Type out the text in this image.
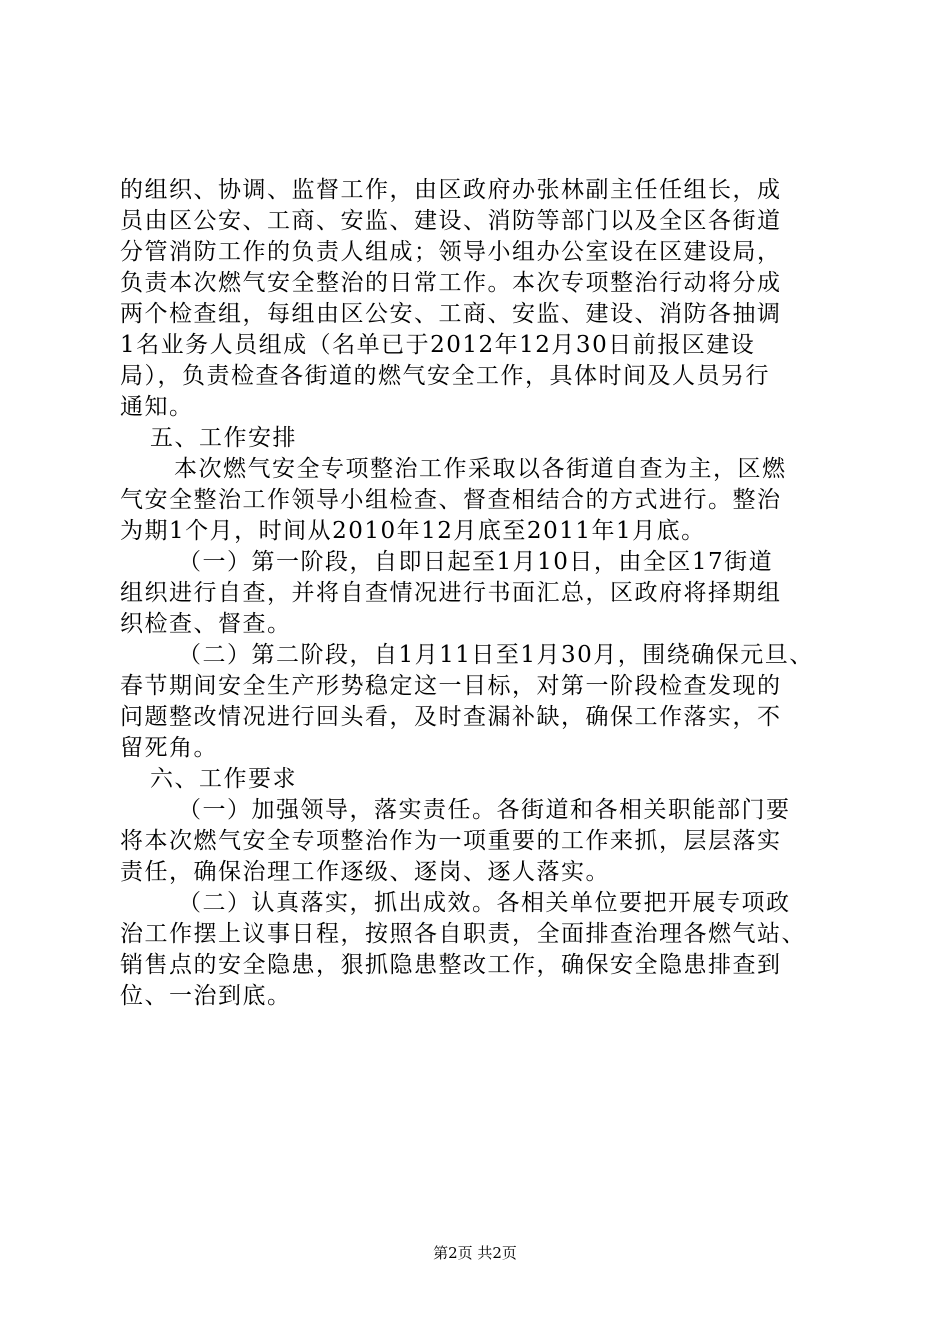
的组织、协调、监督工作，由区政府办张林副主任任组长，成
员由区公安、工商、安监、建设、消防等部门以及全区各街道
分管消防工作的负责人组成；领导小组办公室设在区建设局，
负责本次燃气安全整治的日常工作。本次专项整治行动将分成
两个检查组，每组由区公安、工商、安监、建设、消防各抽调
1名业务人员组成（名单已于2012年12月30日前报区建设
局），负责检查各街道的燃气安全工作，具体时间及人员另行
通知。
五、工作安排
本次燃气安全专项整治工作采取以各街道自查为主，区燃
气安全整治工作领导小组检查、督查相结合的方式进行。整治
为期1个月，时间从2010年12月底至2011年1月底。
（一）第一阶段，自即日起至1月10日，由全区17街道
组织进行自查，并将自查情况进行书面汇总，区政府将择期组
织检查、督查。
（二）第二阶段，自1月11日至1月30月，围绕确保元旦、
春节期间安全生产形势稳定这一目标，对第一阶段检查发现的
问题整改情况进行回头看，及时查漏补缺，确保工作落实，不
留死角。
六、工作要求
（一）加强领导，落实责任。各街道和各相关职能部门要
将本次燃气安全专项整治作为一项重要的工作来抓，层层落实
责任，确保治理工作逐级、逐岗、逐人落实。
（二）认真落实，抓出成效。各相关单位要把开展专项政
治工作摆上议事日程，按照各自职责，全面排查治理各燃气站、
销售点的安全隐患，狠抓隐患整改工作，确保安全隐患排查到
位、一治到底。
第2页 共2页
